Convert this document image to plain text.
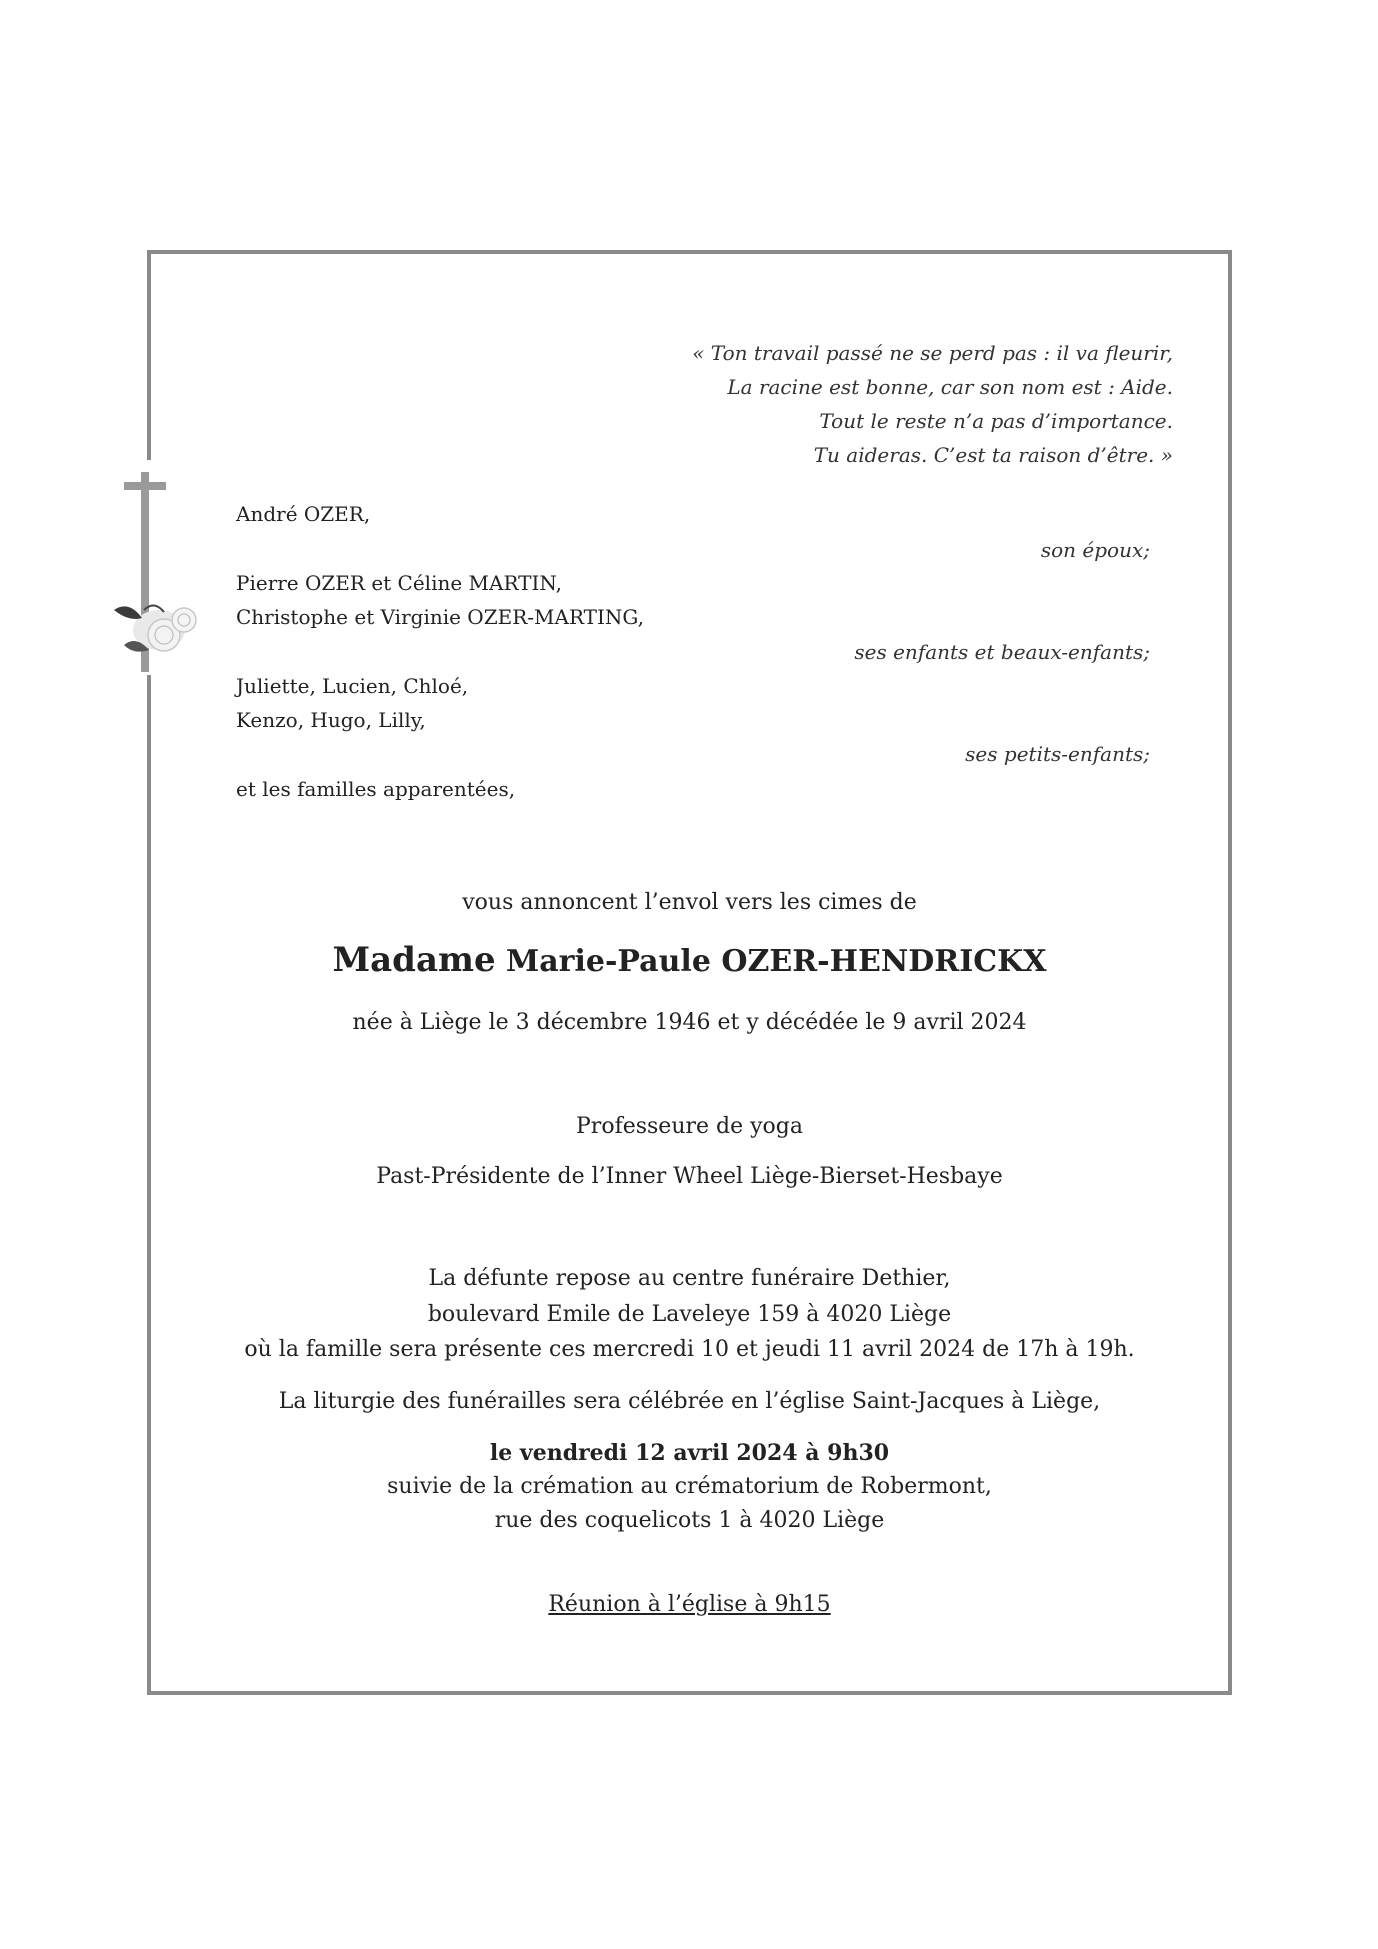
« Ton travail passé ne se perd pas : il va fleurir,
La racine est bonne, car son nom est : Aide.
Tout le reste n’a pas d’importance.
Tu aideras. C’est ta raison d’être. »

André OZER,

son époux;

Pierre OZER et Céline MARTIN,

Christophe et Virginie OZER-MARTING,

ses enfants et beaux-enfants;

Juliette, Lucien, Chloé,

Kenzo, Hugo, Lilly,

ses petits-enfants;

et les familles apparentées,

vous annoncent l’envol vers les cimes de

Madame Marie-Paule OZER-HENDRICKX

née à Liège le 3 décembre 1946 et y décédée le 9 avril 2024

Professeure de yoga

Past-Présidente de l’Inner Wheel Liège-Bierset-Hesbaye

La défunte repose au centre funéraire Dethier,

boulevard Emile de Laveleye 159 à 4020 Liège

où la famille sera présente ces mercredi 10 et jeudi 11 avril 2024 de 17h à 19h.

La liturgie des funérailles sera célébrée en l’église Saint-Jacques à Liège,

le vendredi 12 avril 2024 à 9h30

suivie de la crémation au crématorium de Robermont,

rue des coquelicots 1 à 4020 Liège

Réunion à l’église à 9h15
